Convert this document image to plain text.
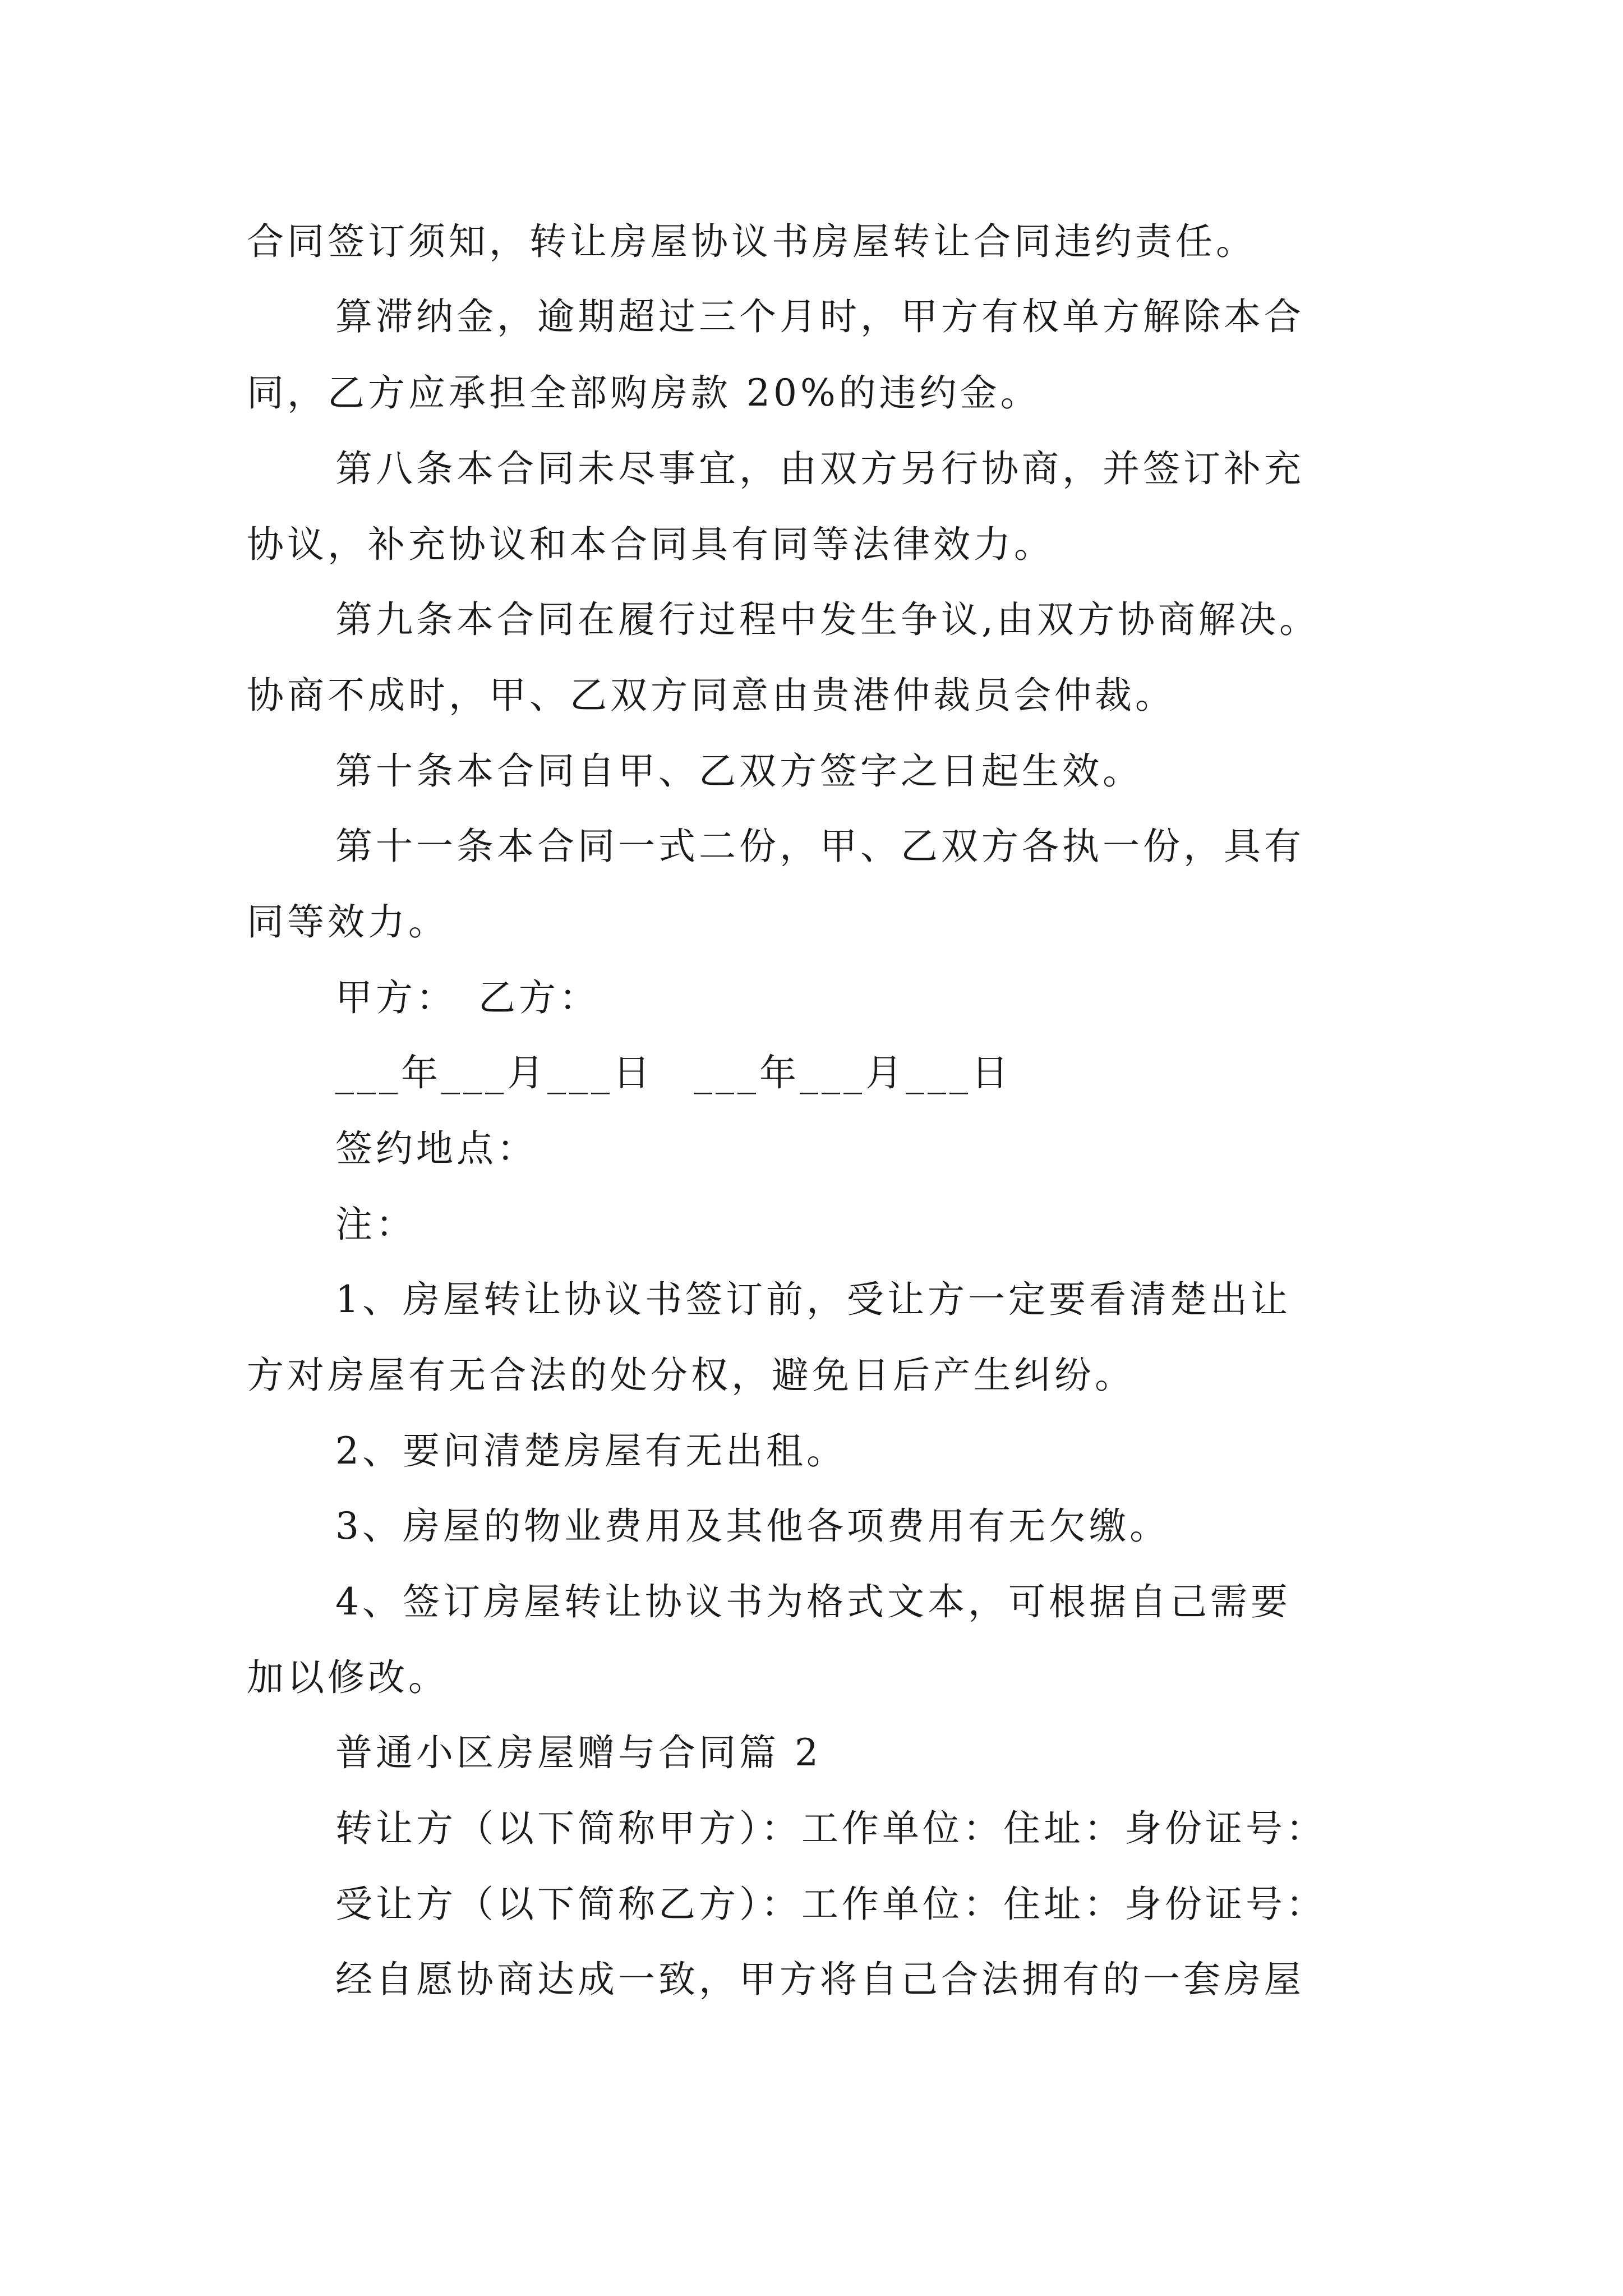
合同签订须知，转让房屋协议书房屋转让合同违约责任。
算滞纳金，逾期超过三个月时，甲方有权单方解除本合
同，乙方应承担全部购房款 20%的违约金。
第八条本合同未尽事宜，由双方另行协商，并签订补充
协议，补充协议和本合同具有同等法律效力。
第九条本合同在履行过程中发生争议,由双方协商解决。
协商不成时，甲、乙双方同意由贵港仲裁员会仲裁。
第十条本合同自甲、乙双方签字之日起生效。
第十一条本合同一式二份，甲、乙双方各执一份，具有
同等效力。
甲方：　乙方：
___年___月___日　___年___月___日
签约地点：
注：
1、房屋转让协议书签订前，受让方一定要看清楚出让
方对房屋有无合法的处分权，避免日后产生纠纷。
2、要问清楚房屋有无出租。
3、房屋的物业费用及其他各项费用有无欠缴。
4、签订房屋转让协议书为格式文本，可根据自己需要
加以修改。
普通小区房屋赠与合同篇 2
转让方（以下简称甲方）：工作单位：住址：身份证号：
受让方（以下简称乙方）：工作单位：住址：身份证号：
经自愿协商达成一致，甲方将自己合法拥有的一套房屋
